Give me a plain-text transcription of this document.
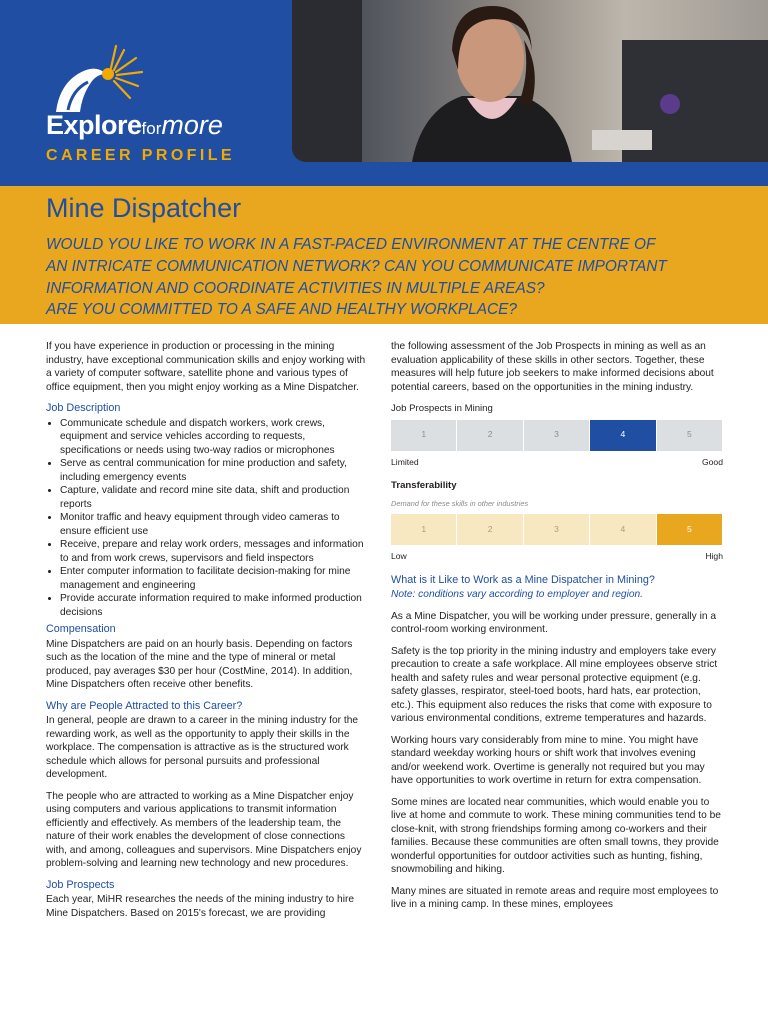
Exploreformore
CAREER PROFILE
Mine Dispatcher
WOULD YOU LIKE TO WORK IN A FAST-PACED ENVIRONMENT AT THE CENTRE OF
AN INTRICATE COMMUNICATION NETWORK? CAN YOU COMMUNICATE IMPORTANT
INFORMATION AND COORDINATE ACTIVITIES IN MULTIPLE AREAS?
ARE YOU COMMITTED TO A SAFE AND HEALTHY WORKPLACE?

If you have experience in production or processing in the mining industry, have exceptional communication skills and enjoy working with a variety of computer software, satellite phone and various types of office equipment, then you might enjoy working as a Mine Dispatcher.

Job Description
• Communicate schedule and dispatch workers, work crews, equipment and service vehicles according to requests, specifications or needs using two-way radios or microphones
• Serve as central communication for mine production and safety, including emergency events
• Capture, validate and record mine site data, shift and production reports
• Monitor traffic and heavy equipment through video cameras to ensure efficient use
• Receive, prepare and relay work orders, messages and information to and from work crews, supervisors and field inspectors
• Enter computer information to facilitate decision-making for mine management and engineering
• Provide accurate information required to make informed production decisions
Compensation

Mine Dispatchers are paid on an hourly basis. Depending on factors such as the location of the mine and the type of mineral or metal produced, pay averages $30 per hour (CostMine, 2014). In addition, Mine Dispatchers often receive other benefits.

Why are People Attracted to this Career?

In general, people are drawn to a career in the mining industry for the rewarding work, as well as the opportunity to apply their skills in the workplace. The compensation is attractive as is the structured work schedule which allows for personal pursuits and professional development.

The people who are attracted to working as a Mine Dispatcher enjoy using computers and various applications to transmit information efficiently and effectively. As members of the leadership team, the nature of their work enables the development of close connections with, and among, colleagues and supervisors. Mine Dispatchers enjoy problem-solving and learning new technology and new procedures.

Job Prospects

Each year, MiHR researches the needs of the mining industry to hire Mine Dispatchers. Based on 2015's forecast, we are providing

the following assessment of the Job Prospects in mining as well as an evaluation applicability of these skills in other sectors. Together, these measures will help future job seekers to make informed decisions about potential careers, based on the opportunities in the mining industry.

Job Prospects in Mining
1	2	3	4	5
Limited	Good
Transferability
Demand for these skills in other industries
1	2	3	4	5
Low	High
What is it Like to Work as a Mine Dispatcher in Mining?
Note: conditions vary according to employer and region.

As a Mine Dispatcher, you will be working under pressure, generally in a control-room working environment.

Safety is the top priority in the mining industry and employers take every precaution to create a safe workplace. All mine employees observe strict health and safety rules and wear personal protective equipment (e.g. safety glasses, respirator, steel-toed boots, hard hats, ear protection, etc.). This equipment also reduces the risks that come with exposure to various environmental conditions, extreme temperatures and hazards.

Working hours vary considerably from mine to mine. You might have standard weekday working hours or shift work that involves evening and/or weekend work. Overtime is generally not required but you may have opportunities to work overtime in return for extra compensation.

Some mines are located near communities, which would enable you to live at home and commute to work. These mining communities tend to be close-knit, with strong friendships forming among co-workers and their families. Because these communities are often small towns, they provide wonderful opportunities for outdoor activities such as hunting, fishing, snowmobiling and hiking.

Many mines are situated in remote areas and require most employees to live in a mining camp. In these mines, employees
